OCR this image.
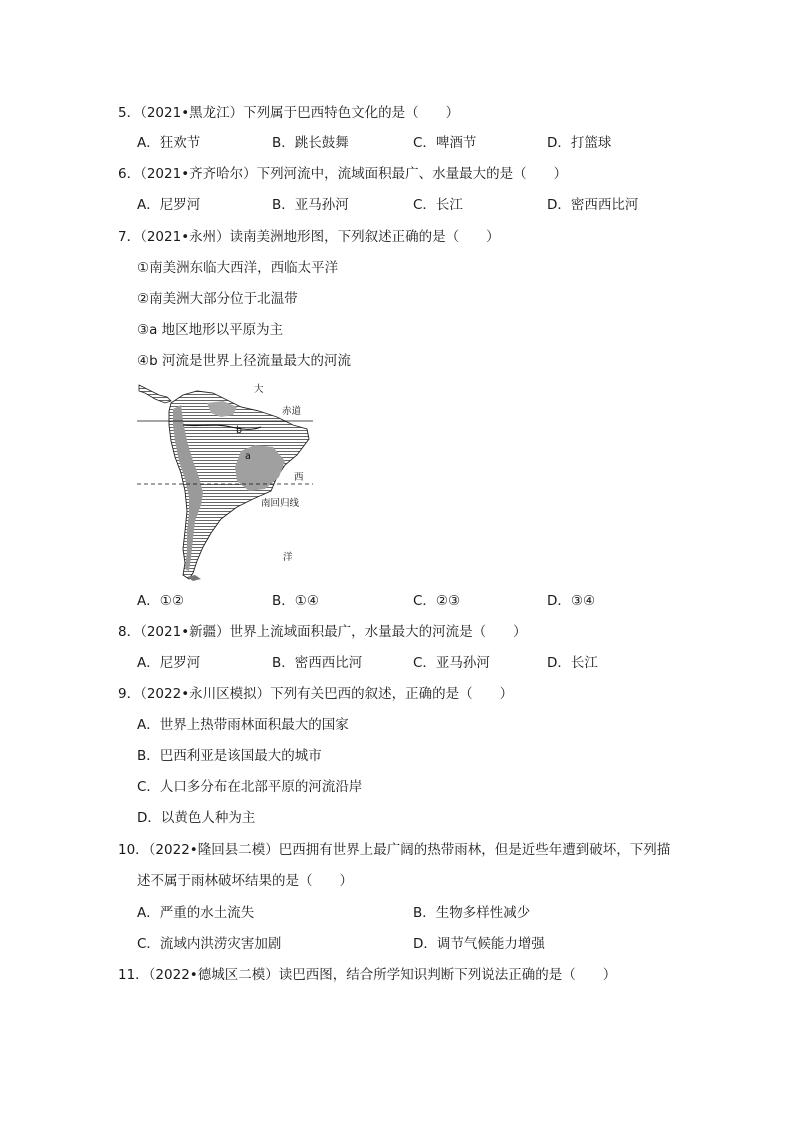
5．（2021•黑龙江）下列属于巴西特色文化的是（　　）
A．狂欢节	B．跳长鼓舞	C．啤酒节	D．打篮球
6．（2021•齐齐哈尔）下列河流中，流域面积最广、水量最大的是（　　）
A．尼罗河	B．亚马孙河	C．长江	D．密西西比河
7．（2021•永州）读南美洲地形图，下列叙述正确的是（　　）
①南美洲东临大西洋，西临太平洋
②南美洲大部分位于北温带
③a 地区地形以平原为主
④b 河流是世界上径流量最大的河流
大
赤道
b
a
西
南回归线
洋
A．①②	B．①④	C．②③	D．③④
8．（2021•新疆）世界上流域面积最广，水量最大的河流是（　　）
A．尼罗河	B．密西西比河	C．亚马孙河	D．长江
9．（2022•永川区模拟）下列有关巴西的叙述，正确的是（　　）
A．世界上热带雨林面积最大的国家
B．巴西利亚是该国最大的城市
C．人口多分布在北部平原的河流沿岸
D．以黄色人种为主
10．（2022•隆回县二模）巴西拥有世界上最广阔的热带雨林，但是近些年遭到破坏，下列描
述不属于雨林破坏结果的是（　　）
A．严重的水土流失	B．生物多样性减少
C．流域内洪涝灾害加剧	D．调节气候能力增强
11．（2022•德城区二模）读巴西图，结合所学知识判断下列说法正确的是（　　）
